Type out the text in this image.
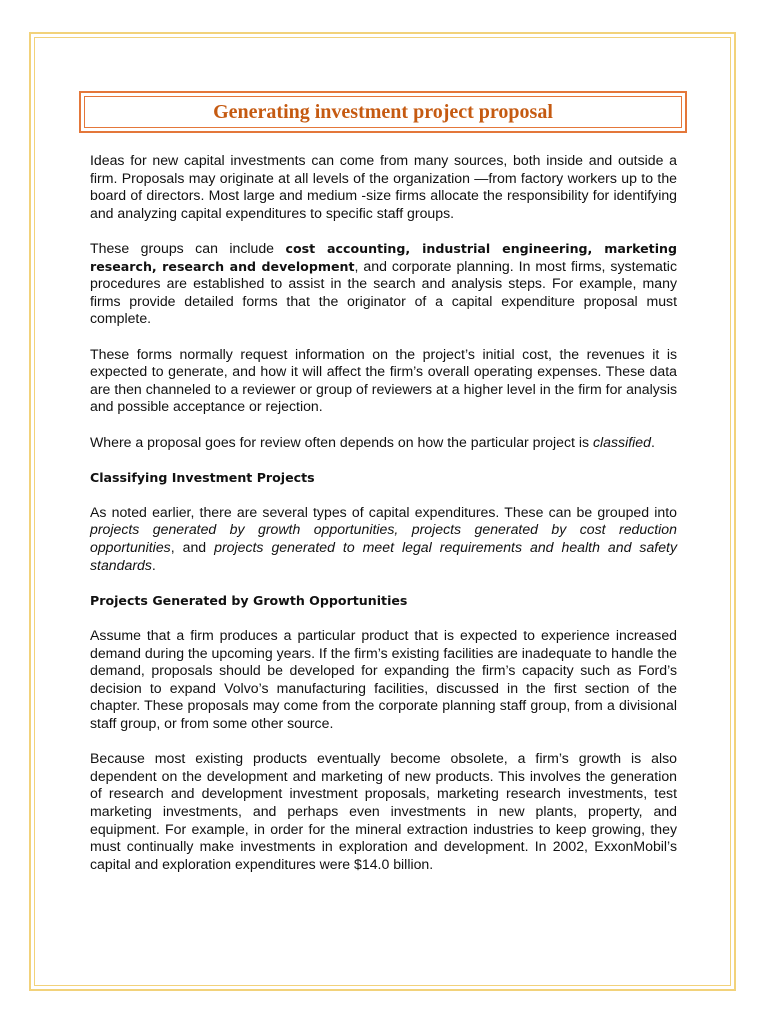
Generating investment project proposal

Ideas for new capital investments can come from many sources, both inside and outside a firm. Proposals may originate at all levels of the organization —from factory workers up to the board of directors. Most large and medium -size firms allocate the responsibility for identifying and analyzing capital expenditures to specific staff groups.

These groups can include cost accounting, industrial engineering, marketing research, research and development, and corporate planning. In most firms, systematic procedures are established to assist in the search and analysis steps. For example, many firms provide detailed forms that the originator of a capital expenditure proposal must complete.

These forms normally request information on the project’s initial cost, the revenues it is expected to generate, and how it will affect the firm’s overall operating expenses. These data are then channeled to a reviewer or group of reviewers at a higher level in the firm for analysis and possible acceptance or rejection.

Where a proposal goes for review often depends on how the particular project is classified.

Classifying Investment Projects

As noted earlier, there are several types of capital expenditures. These can be grouped into projects generated by growth opportunities, projects generated by cost reduction opportunities, and projects generated to meet legal requirements and health and safety standards.

Projects Generated by Growth Opportunities

Assume that a firm produces a particular product that is expected to experience increased demand during the upcoming years. If the firm’s existing facilities are inadequate to handle the demand, proposals should be developed for expanding the firm’s capacity such as Ford’s decision to expand Volvo’s manufacturing facilities, discussed in the first section of the chapter. These proposals may come from the corporate planning staff group, from a divisional staff group, or from some other source.

Because most existing products eventually become obsolete, a firm’s growth is also dependent on the development and marketing of new products. This involves the generation of research and development investment proposals, marketing research investments, test marketing investments, and perhaps even investments in new plants, property, and equipment. For example, in order for the mineral extraction industries to keep growing, they must continually make investments in exploration and development. In 2002, ExxonMobil’s capital and exploration expenditures were $14.0 billion.
